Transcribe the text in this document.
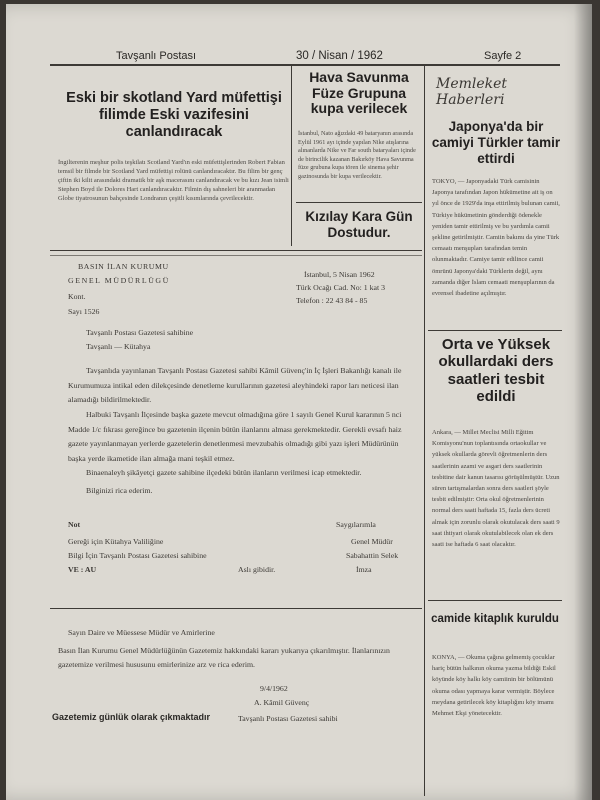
Tavşanlı Postası	30 / Nisan / 1962	Sayfe 2
Eski bir skotland Yard müfettişi filimde Eski vazifesini canlandıracak
İngilterenin meşhur polis teşkilatı Scotland Yard'ın eski müfettişlerinden Robert Fabian temsil bir filmde bir Scotland Yard müfettişi rolünü canlandıracaktır. Bu filim bir genç çiftin iki kilit arasındaki dramatik bir aşk macerasını canlandıracak ve bu kızı Jean isimli Stephen Boyd ile Dolores Hart canlandıracaktır. Filmin dış sahneleri bir aranmadan Globe tiyatrosunun bahçesinde Londranın çeşitli kısımlarında çevrilecektir.
Hava Savunma Füze Grupuna kupa verilecek
İstanbul, Nato ağızdaki 49 bataryanın arasında Eylül 1961 ayı içinde yapılan Nike atışlarına alınanlarda Nike ve Far south bataryaları içinde de birincilik kazanan Bakırköy Hava Savunma füze grubuna kupa tören ile sinema şehir gazinosunda bir kupa verilecektir.
Kızılay Kara Gün Dostudur.
Memleket Haberleri
Japonya'da bir camiyi Türkler tamir ettirdi
TOKYO, — Japonyadaki Türk camisinin Japonya tarafından Japon hükümetine ait iş on yıl önce de 1929'da inşa ettirilmiş bulunan camii, Türkiye hükümetinin gönderdiği ödenekle yeniden tamir ettirilmiş ve bu yardımla camii şekline getirilmiştir. Camiin bakımı da yine Türk cemaatı menşupları tarafından temin olunmaktadır. Camiye tamir edilince camii ömrünü Japonya'daki Türklerin değil, aynı zamanda diğer İslam cemaati menşuplarının da evrensel ibadetine açılmıştır.
Orta ve Yüksek okullardaki ders saatleri tesbit edildi
Ankara, — Millet Meclisi Milli Eğitim Komisyonu'nun toplantısında ortaokullar ve yüksek okullarda görevli öğretmenlerin ders saatlerinin azami ve asgari ders saatlerinin tesbitine dair kanun tasarısı görüşülmüştür. Uzun süren tartışmalardan sonra ders saatleri şöyle tesbit edilmiştir: Orta okul öğretmenlerinin normal ders saati haftada 15, fazla ders ücreti almak için zorunlu olarak okutulacak ders saati 9 saat ihtiyari olarak okutulabilecek olan ek ders saati ise haftada 6 saat olacaktır.
camide kitaplık kuruldu
KONYA, — Okuma çağına gelmemiş çocuklar hariç bütün halkının okuma yazma bildiği Eskil köyünde köy halkı köy camiinin bir bölümünü okuma odası yapmaya karar vermiştir. Böylece meydana getirilecek köy kitaplığını köy imamı Mehmet Ekşi yönetecektir.
BASIN İLAN KURUMU
GENEL MÜDÜRLÜGÜ
Kont.
Sayı 1526
İstanbul, 5 Nisan 1962
Türk Ocağı Cad. No: 1 kat 3
Telefon : 22 43 84 - 85
Tavşanlı Postası Gazetesi sahibine
Tavşanlı — Kütahya
Tavşanlıda yayınlanan Tavşanlı Postası Gazetesi sahibi Kâmil Güvenç'in İç İşleri Bakanlığı kanalı ile Kurumumuza intikal eden dilekçesinde denetleme kurullarının gazetesi aleyhindeki rapor ları neticesi ilan alamadığı bildirilmektedir.
Halbuki Tavşanlı İlçesinde başka gazete mevcut olmadığına göre 1 sayılı Genel Kurul kararının 5 nci Madde 1/c fıkrası gereğince bu gazetenin ilçenin bütün ilanlarını alması gerekmektedir. Gerekli evsafı haiz gazete yayınlanmayan yerlerde gazetelerin denetlenmesi mevzubahis olmadığı gibi yazı işleri Müdürünün başka yerde ikametide ilan almağa mani teşkil etmez.
Binaenaleyh şikâyetçi gazete sahibine ilçedeki bütün ilanların verilmesi icap etmektedir.
Bilginizi rica ederim.
Not
Gereği için Kütahya Valiliğine
Bilgi İçin Tavşanlı Postası Gazetesi sahibine
VE : AU	Aslı gibidir.
Saygılarımla
Genel Müdür
Sabahattin Selek
İmza
Sayın Daire ve Müessese Müdür ve Amirlerine
Basın İlan Kurumu Genel Müdürlüğünün Gazetemiz hakkındaki kararı yukarıya çıkarılmıştır. İlanlarınızın gazetemize verilmesi hususunu emirlerinize arz ve rica ederim.
9/4/1962
A. Kâmil Güvenç
Gazetemiz günlük olarak çıkmaktadır	Tavşanlı Postası Gazetesi sahibi
